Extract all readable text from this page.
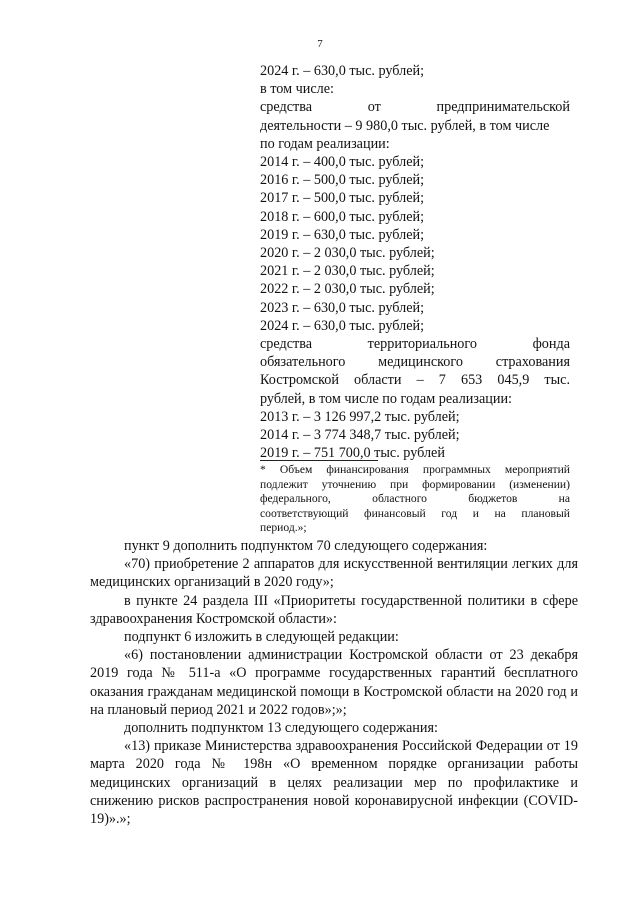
7
2024 г. – 630,0 тыс. рублей;
в том числе:
средства от предпринимательской
деятельности – 9 980,0 тыс. рублей, в том числе
по годам реализации:
2014 г. – 400,0 тыс. рублей;
2016 г. – 500,0 тыс. рублей;
2017 г. – 500,0 тыс. рублей;
2018 г. – 600,0 тыс. рублей;
2019 г. – 630,0 тыс. рублей;
2020 г. – 2 030,0 тыс. рублей;
2021 г. – 2 030,0 тыс. рублей;
2022 г. – 2 030,0 тыс. рублей;
2023 г. – 630,0 тыс. рублей;
2024 г. – 630,0 тыс. рублей;
средства территориального фонда
обязательного медицинского страхования
Костромской области – 7 653 045,9 тыс.
рублей, в том числе по годам реализации:
2013 г. – 3 126 997,2 тыс. рублей;
2014 г. – 3 774 348,7 тыс. рублей;
2019 г. – 751 700,0 тыс. рублей
* Объем финансирования программных мероприятий
подлежит уточнению при формировании (изменении)
федерального, областного бюджетов на
соответствующий финансовый год и на плановый
период.»;

пункт 9 дополнить подпунктом 70 следующего содержания:

«70) приобретение 2 аппаратов для искусственной вентиляции легких для медицинских организаций в 2020 году»;

в пункте 24 раздела III «Приоритеты государственной политики в сфере здравоохранения Костромской области»:

подпункт 6 изложить в следующей редакции:

«6) постановлении администрации Костромской области от 23 декабря 2019 года № 511-а «О программе государственных гарантий бесплатного оказания гражданам медицинской помощи в Костромской области на 2020 год и на плановый период 2021 и 2022 годов»;»;

дополнить подпунктом 13 следующего содержания:

«13) приказе Министерства здравоохранения Российской Федерации от 19 марта 2020 года № 198н «О временном порядке организации работы медицинских организаций в целях реализации мер по профилактике и снижению рисков распространения новой коронавирусной инфекции (COVID-19)».»;
